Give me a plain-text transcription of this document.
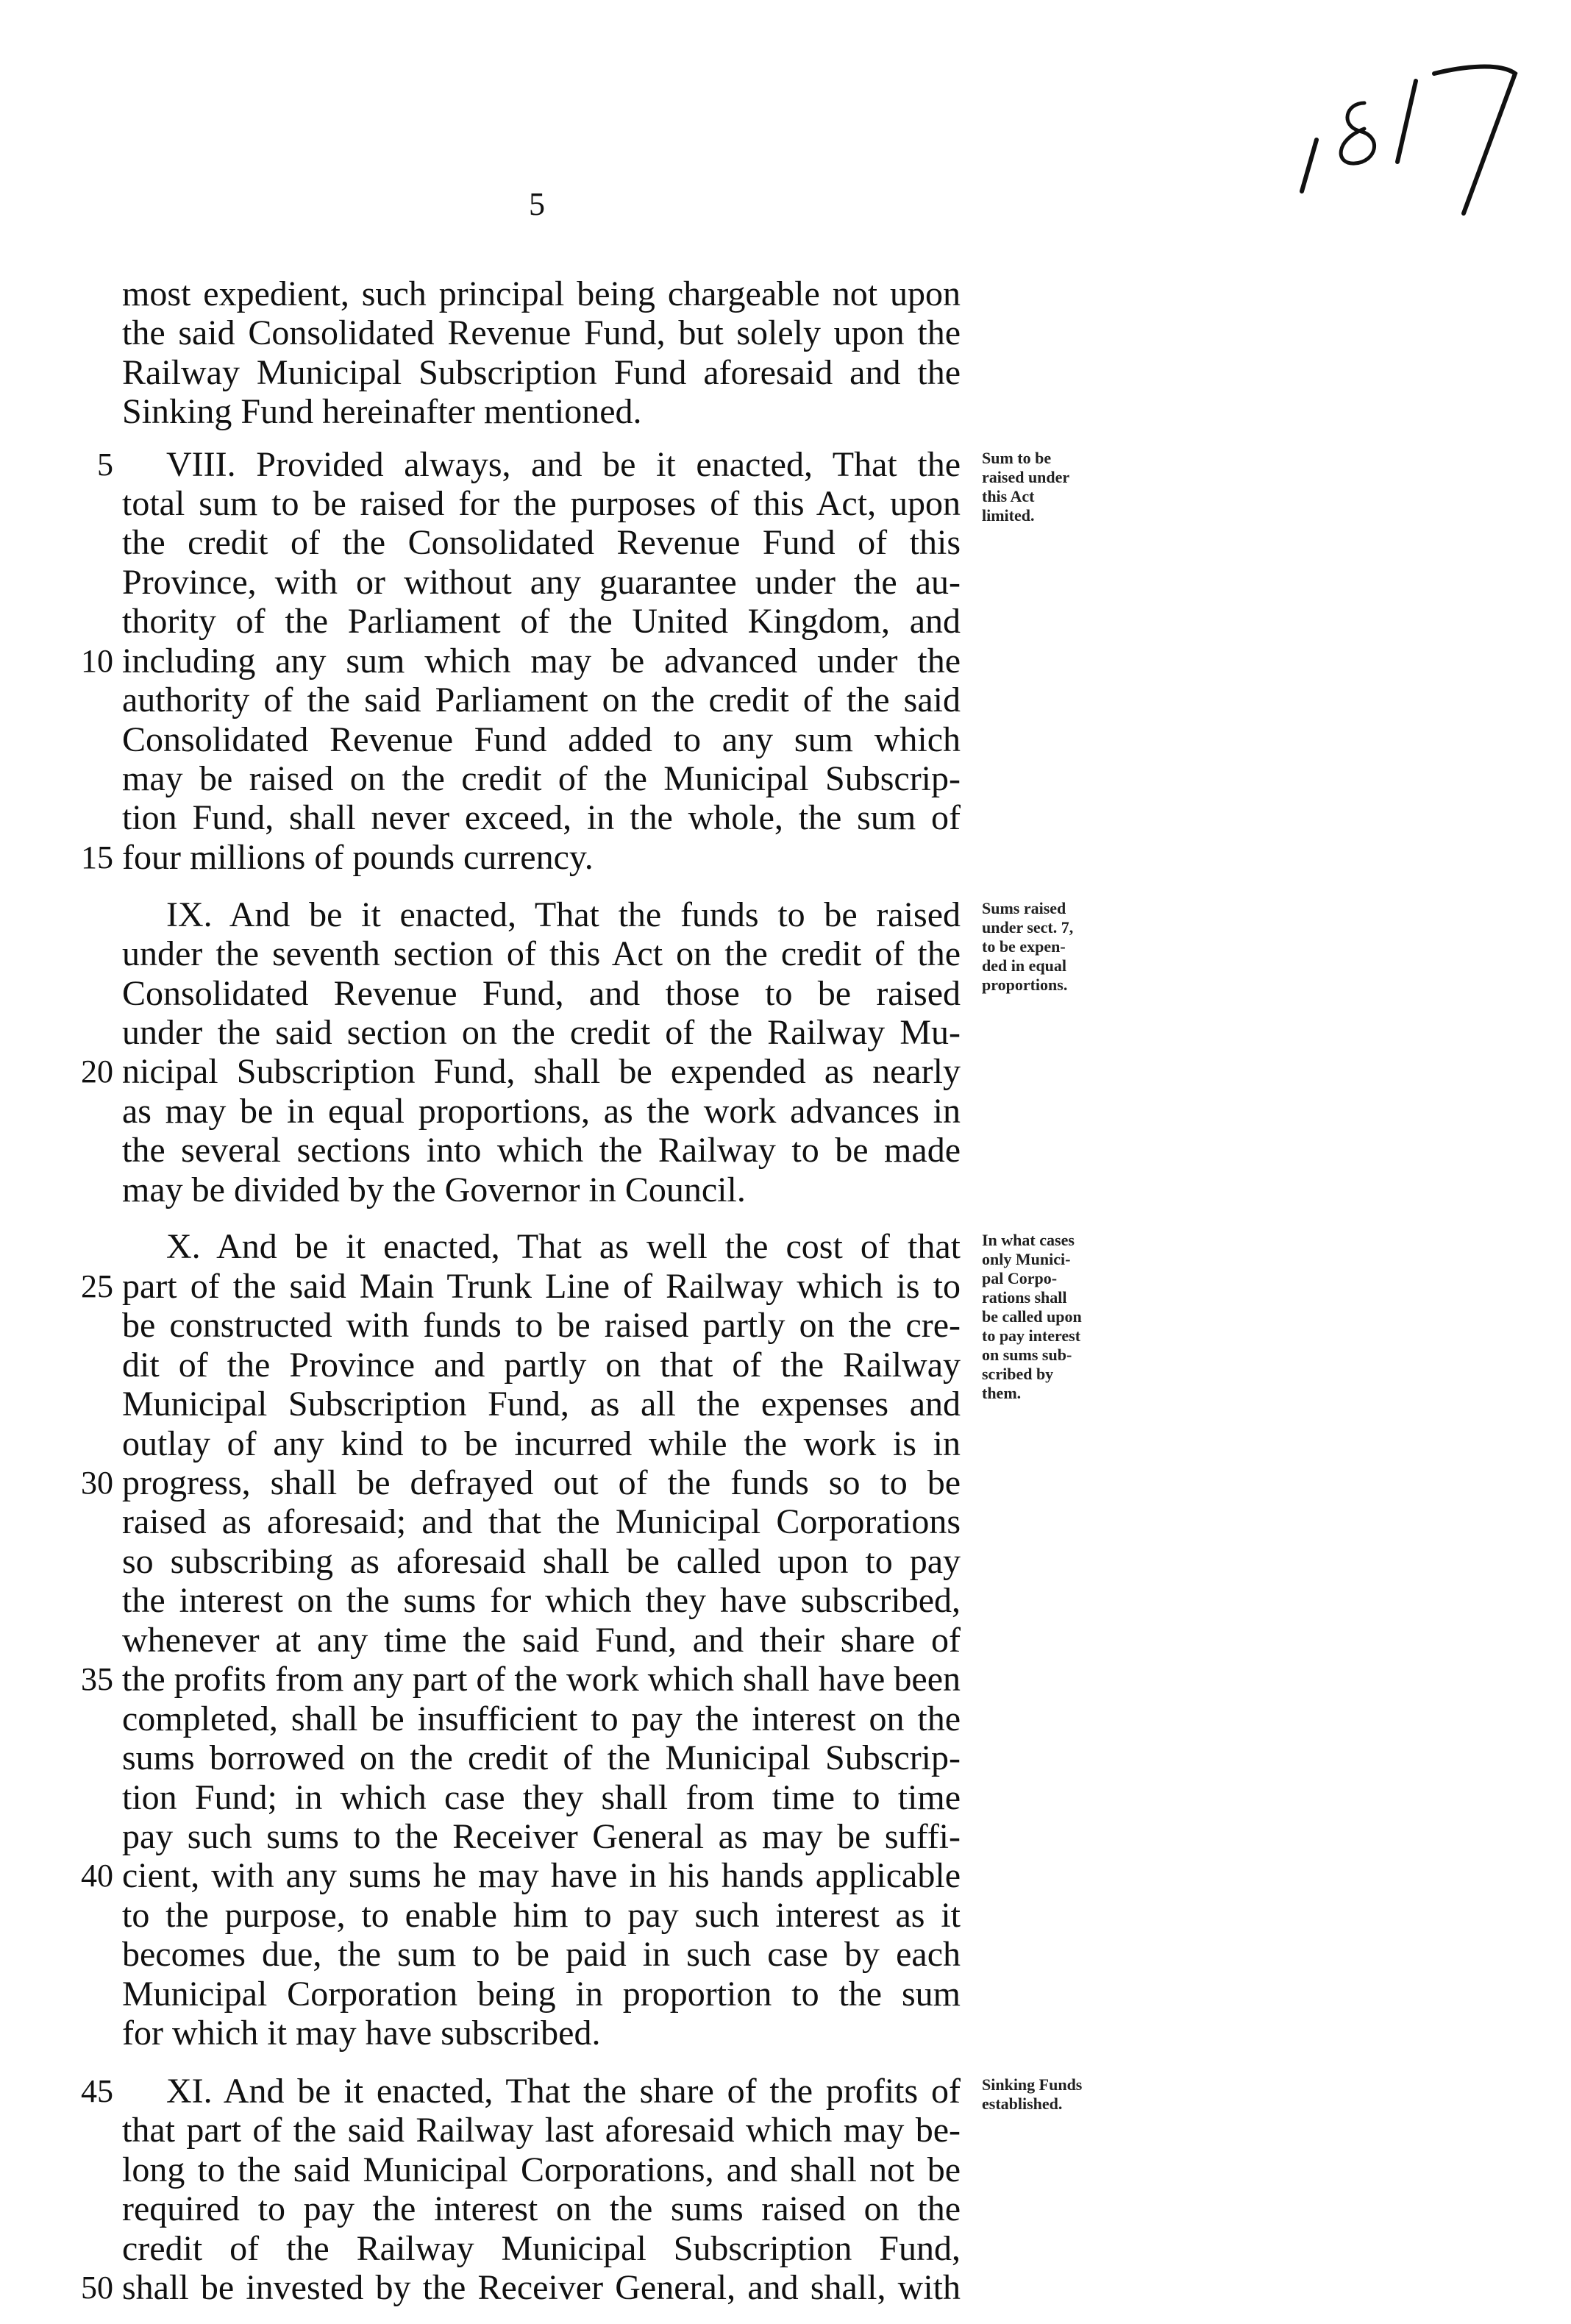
5
most expedient, such principal being chargeable not upon
the said Consolidated Revenue Fund, but solely upon the
Railway Municipal Subscription Fund aforesaid and the
Sinking Fund hereinafter mentioned.
VIII. Provided always, and be it enacted, That the
5
total sum to be raised for the purposes of this Act, upon
the credit of the Consolidated Revenue Fund of this
Province, with or without any guarantee under the au-
thority of the Parliament of the United Kingdom, and
including any sum which may be advanced under the
10
authority of the said Parliament on the credit of the said
Consolidated Revenue Fund added to any sum which
may be raised on the credit of the Municipal Subscrip-
tion Fund, shall never exceed, in the whole, the sum of
four millions of pounds currency.
15
IX. And be it enacted, That the funds to be raised
under the seventh section of this Act on the credit of the
Consolidated Revenue Fund, and those to be raised
under the said section on the credit of the Railway Mu-
nicipal Subscription Fund, shall be expended as nearly
20
as may be in equal proportions, as the work advances in
the several sections into which the Railway to be made
may be divided by the Governor in Council.
X. And be it enacted, That as well the cost of that
part of the said Main Trunk Line of Railway which is to
25
be constructed with funds to be raised partly on the cre-
dit of the Province and partly on that of the Railway
Municipal Subscription Fund, as all the expenses and
outlay of any kind to be incurred while the work is in
progress, shall be defrayed out of the funds so to be
30
raised as aforesaid; and that the Municipal Corporations
so subscribing as aforesaid shall be called upon to pay
the interest on the sums for which they have subscribed,
whenever at any time the said Fund, and their share of
the profits from any part of the work which shall have been
35
completed, shall be insufficient to pay the interest on the
sums borrowed on the credit of the Municipal Subscrip-
tion Fund; in which case they shall from time to time
pay such sums to the Receiver General as may be suffi-
cient, with any sums he may have in his hands applicable
40
to the purpose, to enable him to pay such interest as it
becomes due, the sum to be paid in such case by each
Municipal Corporation being in proportion to the sum
for which it may have subscribed.
XI. And be it enacted, That the share of the profits of
45
that part of the said Railway last aforesaid which may be-
long to the said Municipal Corporations, and shall not be
required to pay the interest on the sums raised on the
credit of the Railway Municipal Subscription Fund,
shall be invested by the Receiver General, and shall, with
50
Sum to be
raised under
this Act
limited.
Sums raised
under sect. 7,
to be expen-
ded in equal
proportions.
In what cases
only Munici-
pal Corpo-
rations shall
be called upon
to pay interest
on sums sub-
scribed by
them.
Sinking Funds
established.
